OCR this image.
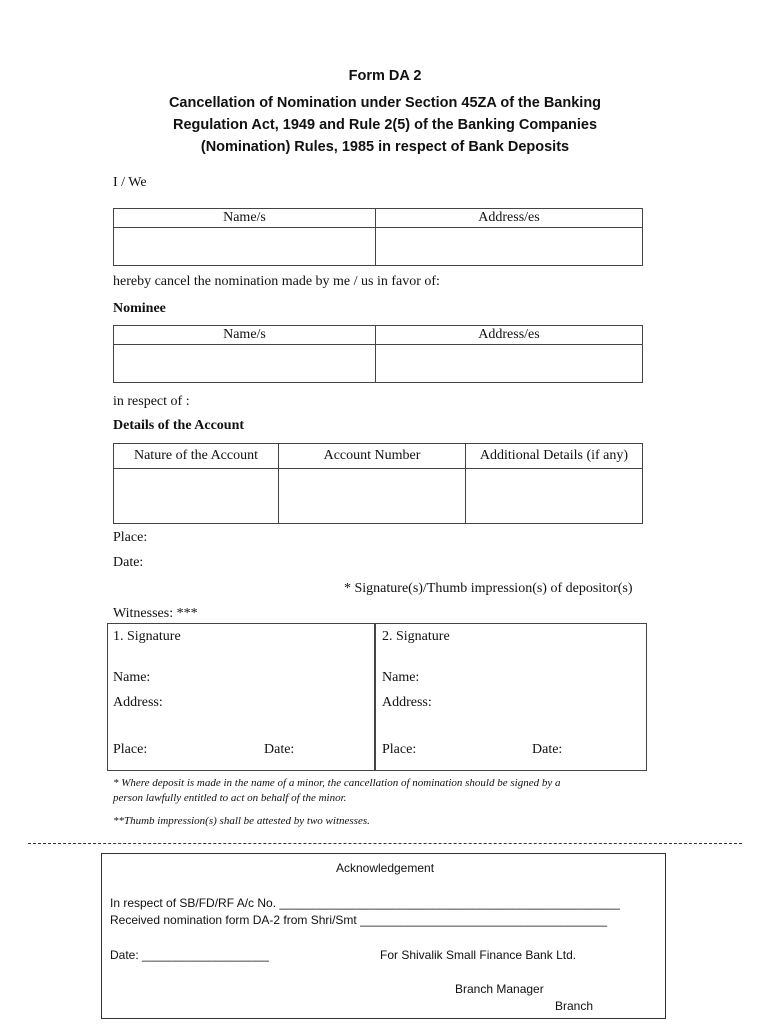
Form DA 2
Cancellation of Nomination under Section 45ZA of the Banking
Regulation Act, 1949 and Rule 2(5) of the Banking Companies
(Nomination) Rules, 1985 in respect of Bank Deposits
I / We
Name/s	Address/es

hereby cancel the nomination made by me / us in favor of:
Nominee
Name/s	Address/es

in respect of :
Details of the Account
Nature of the Account	Account Number	Additional Details (if any)

Place:
Date:
* Signature(s)/Thumb impression(s) of depositor(s)
Witnesses: ***
1. Signature
Name:
Address:
Place:	Date:
2. Signature
Name:
Address:
Place:	Date:
* Where deposit is made in the name of a minor, the cancellation of nomination should be signed by a
person lawfully entitled to act on behalf of the minor.
**Thumb impression(s) shall be attested by two witnesses.
Acknowledgement
In respect of SB/FD/RF A/c No. ___________________________________________________
Received nomination form DA-2 from Shri/Smt _____________________________________
Date: ___________________	For Shivalik Small Finance Bank Ltd.
Branch Manager
Branch
